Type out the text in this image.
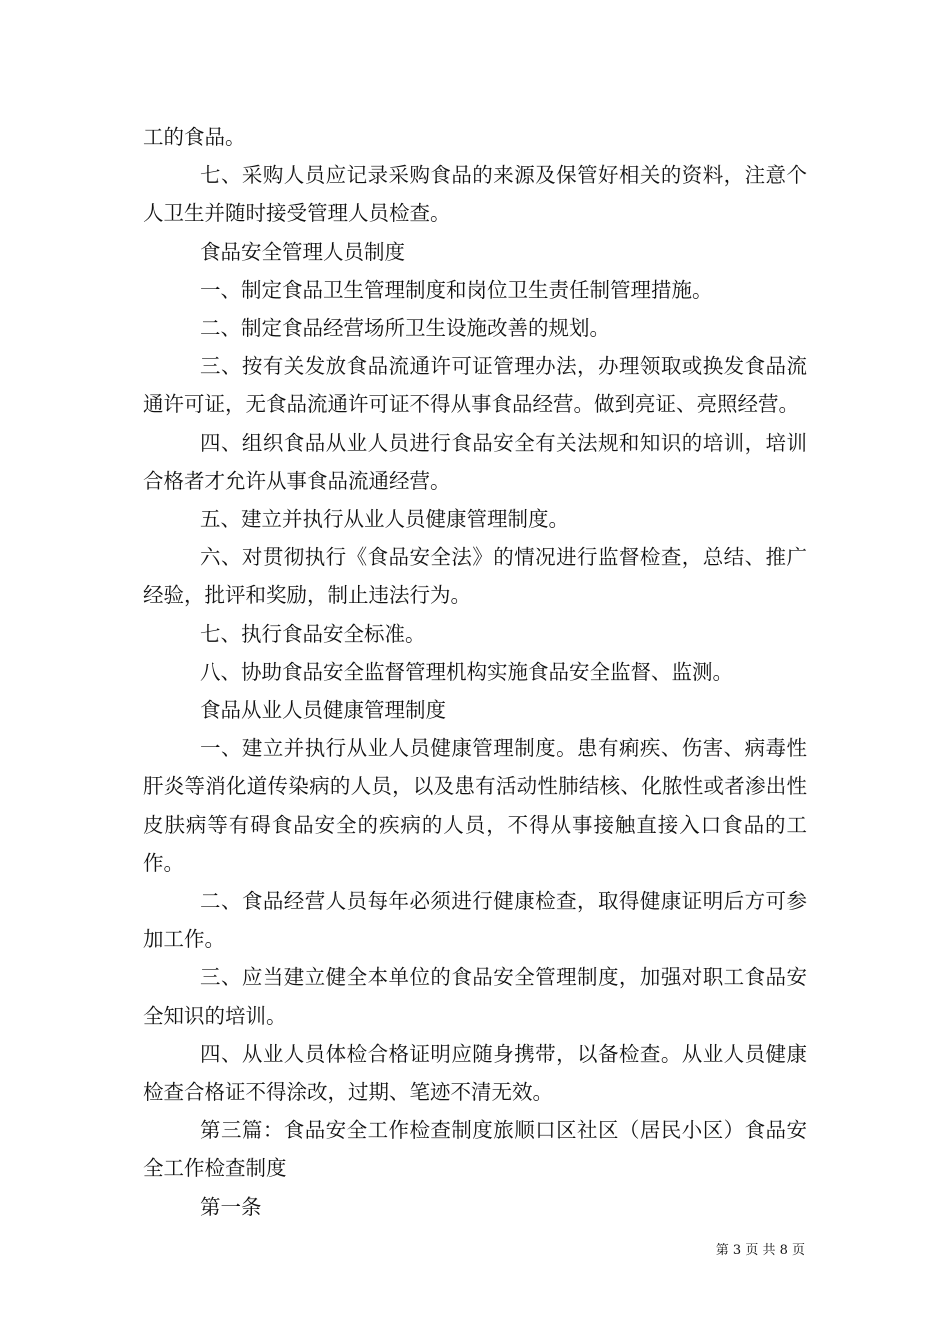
工的食品。

七、采购人员应记录采购食品的来源及保管好相关的资料，注意个人卫生并随时接受管理人员检查。

食品安全管理人员制度

一、制定食品卫生管理制度和岗位卫生责任制管理措施。

二、制定食品经营场所卫生设施改善的规划。

三、按有关发放食品流通许可证管理办法，办理领取或换发食品流通许可证，无食品流通许可证不得从事食品经营。做到亮证、亮照经营。

四、组织食品从业人员进行食品安全有关法规和知识的培训，培训合格者才允许从事食品流通经营。

五、建立并执行从业人员健康管理制度。

六、对贯彻执行《食品安全法》的情况进行监督检查，总结、推广经验，批评和奖励，制止违法行为。

七、执行食品安全标准。

八、协助食品安全监督管理机构实施食品安全监督、监测。

食品从业人员健康管理制度

一、建立并执行从业人员健康管理制度。患有痢疾、伤害、病毒性肝炎等消化道传染病的人员，以及患有活动性肺结核、化脓性或者渗出性皮肤病等有碍食品安全的疾病的人员，不得从事接触直接入口食品的工作。

二、食品经营人员每年必须进行健康检查，取得健康证明后方可参加工作。

三、应当建立健全本单位的食品安全管理制度，加强对职工食品安全知识的培训。

四、从业人员体检合格证明应随身携带，以备检查。从业人员健康检查合格证不得涂改，过期、笔迹不清无效。

第三篇：食品安全工作检查制度旅顺口区社区（居民小区）食品安全工作检查制度

第一条

第 3 页 共 8 页
